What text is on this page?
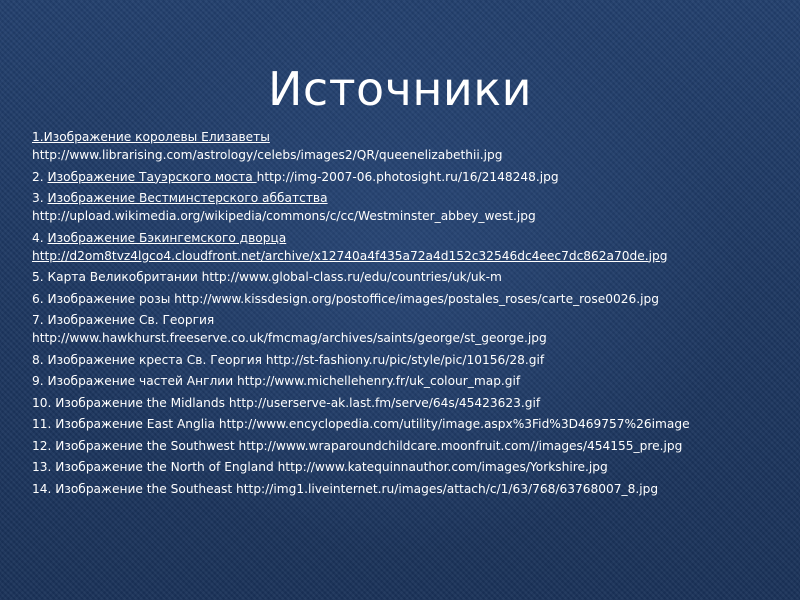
Источники
1.Изображение королевы Елизаветы
http://www.librarising.com/astrology/celebs/images2/QR/queenelizabethii.jpg
2. Изображение Тауэрского моста http://img-2007-06.photosight.ru/16/2148248.jpg
3. Изображение Вестминстерского аббатства
http://upload.wikimedia.org/wikipedia/commons/c/cc/Westminster_abbey_west.jpg
4. Изображение Бэкингемского дворца
http://d2om8tvz4lgco4.cloudfront.net/archive/x12740a4f435a72a4d152c32546dc4eec7dc862a70de.jpg
5. Карта Великобритании http://www.global-class.ru/edu/countries/uk/uk-m
6. Изображение розы http://www.kissdesign.org/postoffice/images/postales_roses/carte_rose0026.jpg
7. Изображение Св. Георгия
http://www.hawkhurst.freeserve.co.uk/fmcmag/archives/saints/george/st_george.jpg
8. Изображение креста Св. Георгия http://st-fashiony.ru/pic/style/pic/10156/28.gif
9. Изображение частей Англии http://www.michellehenry.fr/uk_colour_map.gif
10. Изображение the Midlands http://userserve-ak.last.fm/serve/64s/45423623.gif
11. Изображение East Anglia http://www.encyclopedia.com/utility/image.aspx%3Fid%3D469757%26image
12. Изображение the Southwest http://www.wraparoundchildcare.moonfruit.com//images/454155_pre.jpg
13. Изображение the North of England http://www.katequinnauthor.com/images/Yorkshire.jpg
14. Изображение the Southeast http://img1.liveinternet.ru/images/attach/c/1/63/768/63768007_8.jpg
